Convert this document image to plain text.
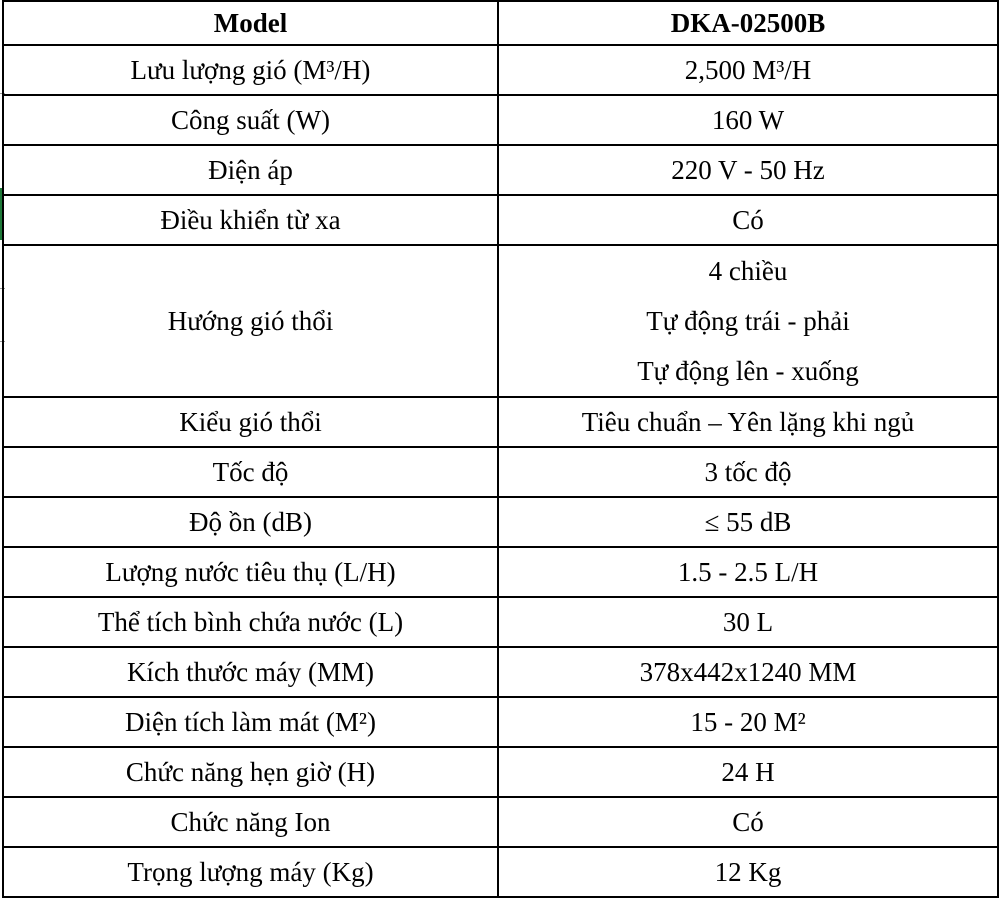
Model	DKA-02500B
Lưu lượng gió (M³/H)	2,500 M³/H
Công suất (W)	160 W
Điện áp	220 V - 50 Hz
Điều khiển từ xa	Có
Hướng gió thổi	4 chiều
Tự động trái - phải
Tự động lên - xuống

Kiểu gió thổi	Tiêu chuẩn – Yên lặng khi ngủ
Tốc độ	3 tốc độ
Độ ồn (dB)	≤ 55 dB
Lượng nước tiêu thụ (L/H)	1.5 - 2.5 L/H
Thể tích bình chứa nước (L)	30 L
Kích thước máy (MM)	378x442x1240 MM
Diện tích làm mát (M²)	15 - 20 M²
Chức năng hẹn giờ (H)	24 H
Chức năng Ion	Có
Trọng lượng máy (Kg)	12 Kg
